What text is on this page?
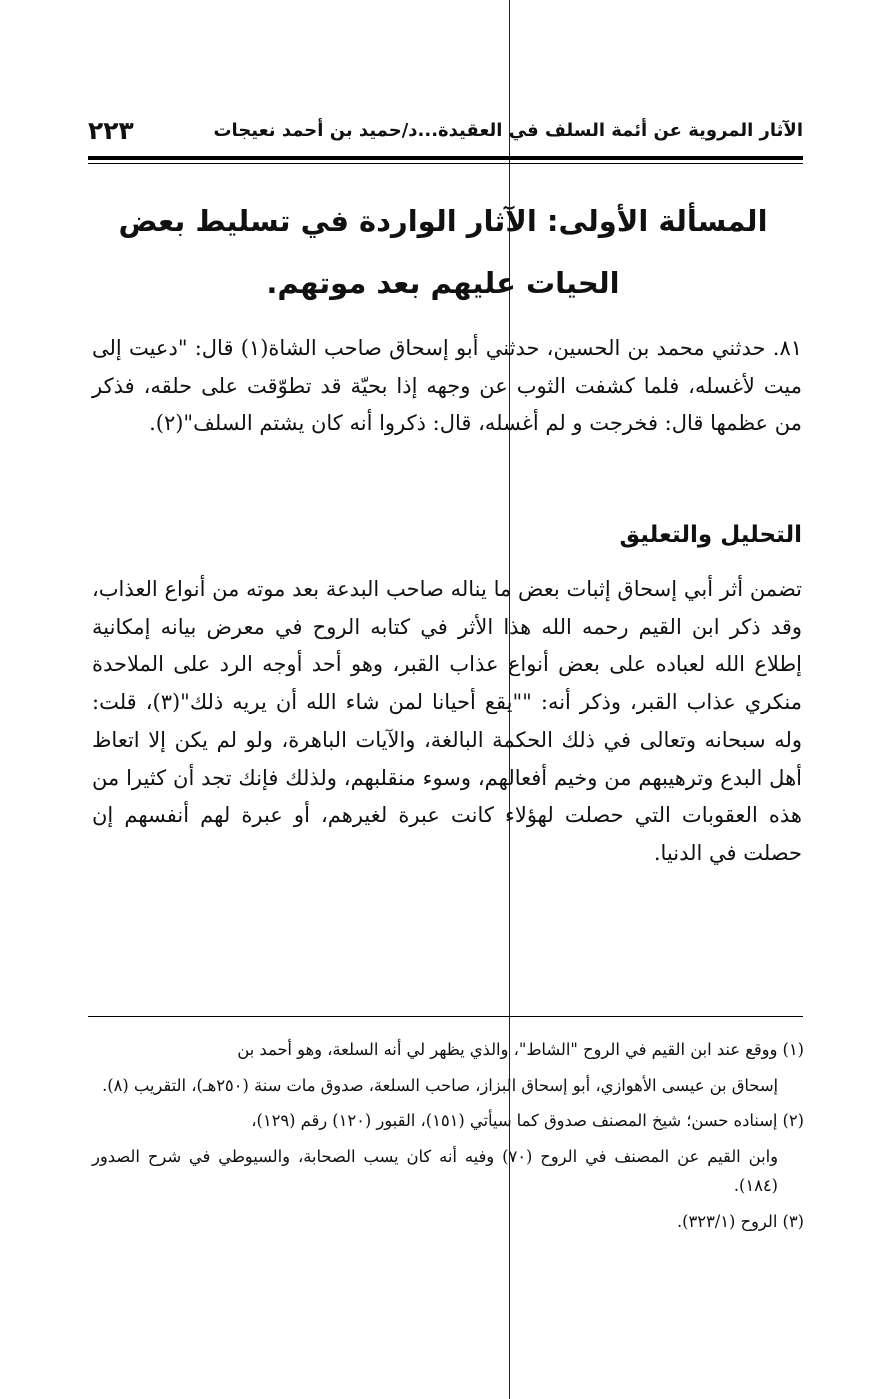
الآثار المروية عن أئمة السلف في العقيدة...د/حميد بن أحمد نعيجات
٢٢٣
المسألة الأولى: الآثار الواردة في تسليط بعض الحيات عليهم بعد موتهم.
٨١. حدثني محمد بن الحسين، حدثني أبو إسحاق صاحب الشاة(١) قال: "دعيت إلى ميت لأغسله، فلما كشفت الثوب عن وجهه إذا بحيّة قد تطوّقت على حلقه، فذكر من عظمها قال: فخرجت و لم أغسله، قال: ذكروا أنه كان يشتم السلف"(٢).
التحليل والتعليق
تضمن أثر أبي إسحاق إثبات بعض ما يناله صاحب البدعة بعد موته من أنواع العذاب، وقد ذكر ابن القيم رحمه الله هذا الأثر في كتابه الروح في معرض بيانه إمكانية إطلاع الله لعباده على بعض أنواع عذاب القبر، وهو أحد أوجه الرد على الملاحدة منكري عذاب القبر، وذكر أنه: ""يقع أحيانا لمن شاء الله أن يريه ذلك"(٣)، قلت: وله سبحانه وتعالى في ذلك الحكمة البالغة، والآيات الباهرة، ولو لم يكن إلا اتعاظ أهل البدع وترهيبهم من وخيم أفعالهم، وسوء منقلبهم، ولذلك فإنك تجد أن كثيرا من هذه العقوبات التي حصلت لهؤلاء كانت عبرة لغيرهم، أو عبرة لهم أنفسهم إن حصلت في الدنيا.
(١) ووقع عند ابن القيم في الروح "الشاط"، والذي يظهر لي أنه السلعة، وهو أحمد بن
إسحاق بن عيسى الأهوازي، أبو إسحاق البزاز، صاحب السلعة، صدوق مات سنة (٢٥٠هـ)، التقريب (٨).
(٢) إسناده حسن؛ شيخ المصنف صدوق كما سيأتي (١٥١)، القبور (١٢٠) رقم (١٢٩)،
وابن القيم عن المصنف في الروح (٧٠) وفيه أنه كان يسب الصحابة، والسيوطي في شرح الصدور (١٨٤).
(٣) الروح (٣٢٣/١).
